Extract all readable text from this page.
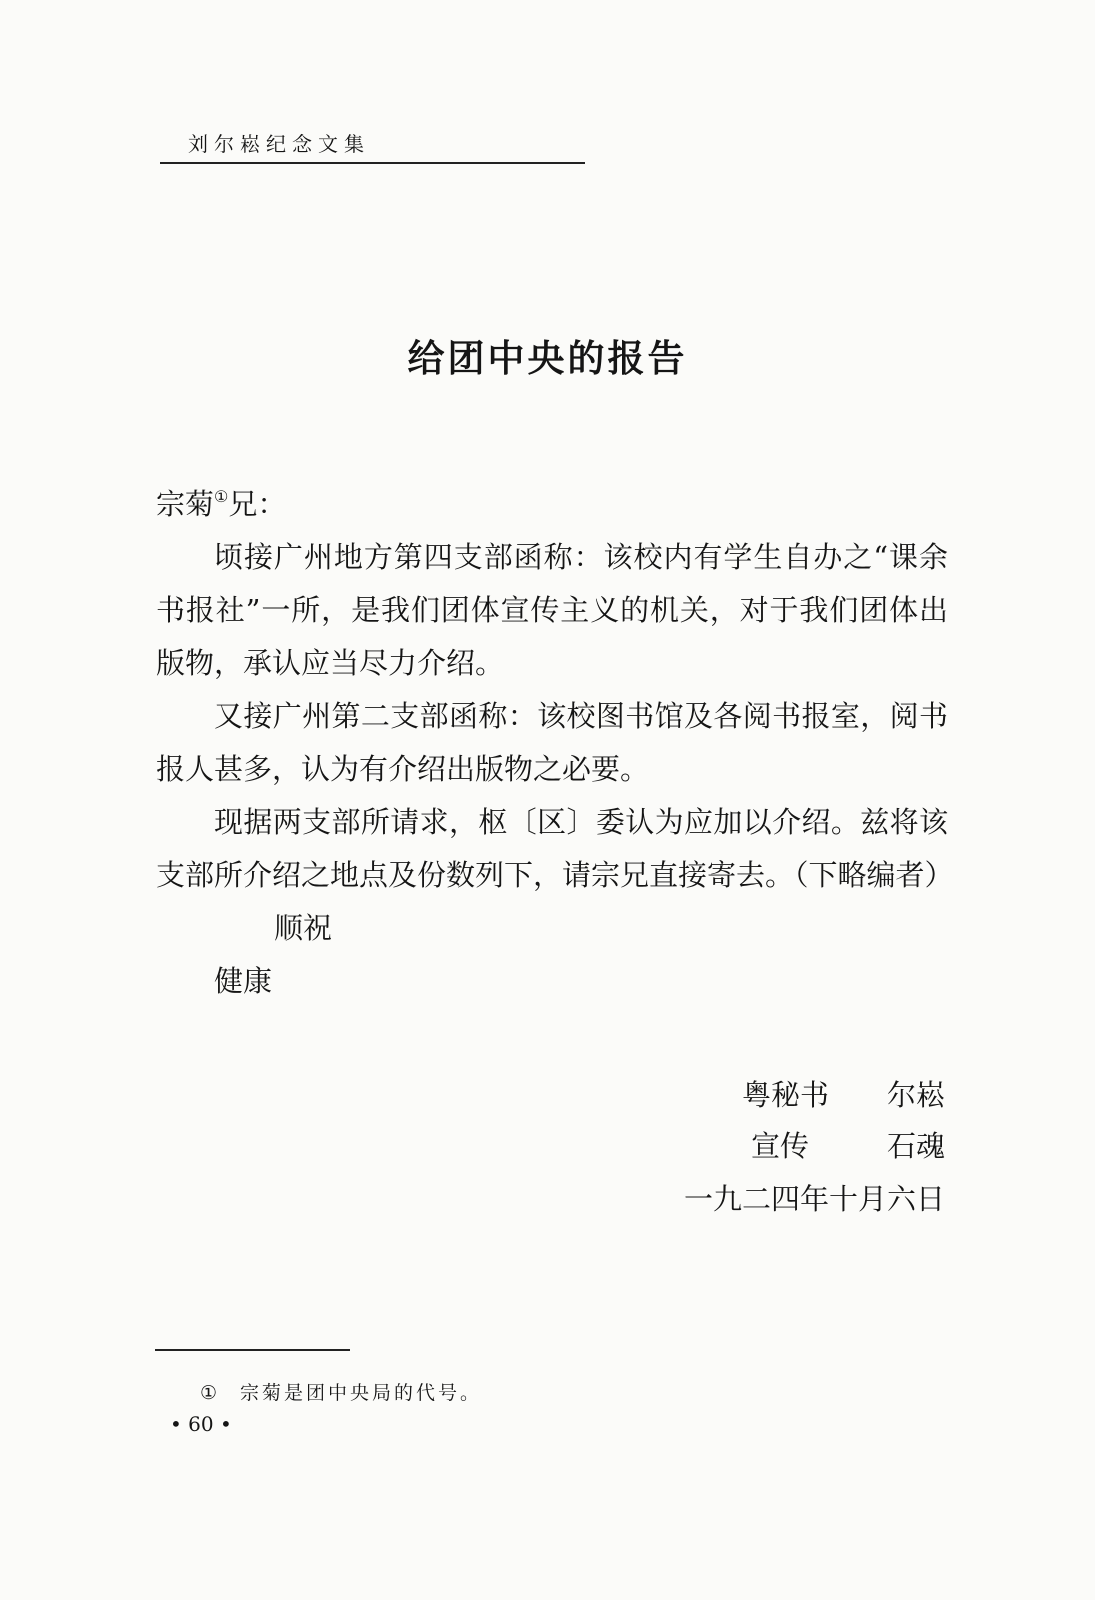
刘尔崧纪念文集
给团中央的报告

宗菊①兄：

顷接广州地方第四支部函称：该校内有学生自办之“课余书报社”一所，是我们团体宣传主义的机关，对于我们团体出版物，承认应当尽力介绍。

又接广州第二支部函称：该校图书馆及各阅书报室，阅书报人甚多，认为有介绍出版物之必要。

现据两支部所请求，枢〔区〕委认为应加以介绍。兹将该支部所介绍之地点及份数列下，请宗兄直接寄去。（下略编者）

顺祝

健康

粤秘书	尔崧
宣传	石魂
一九二四年十月六日
① 宗菊是团中央局的代号。
• 60 •
